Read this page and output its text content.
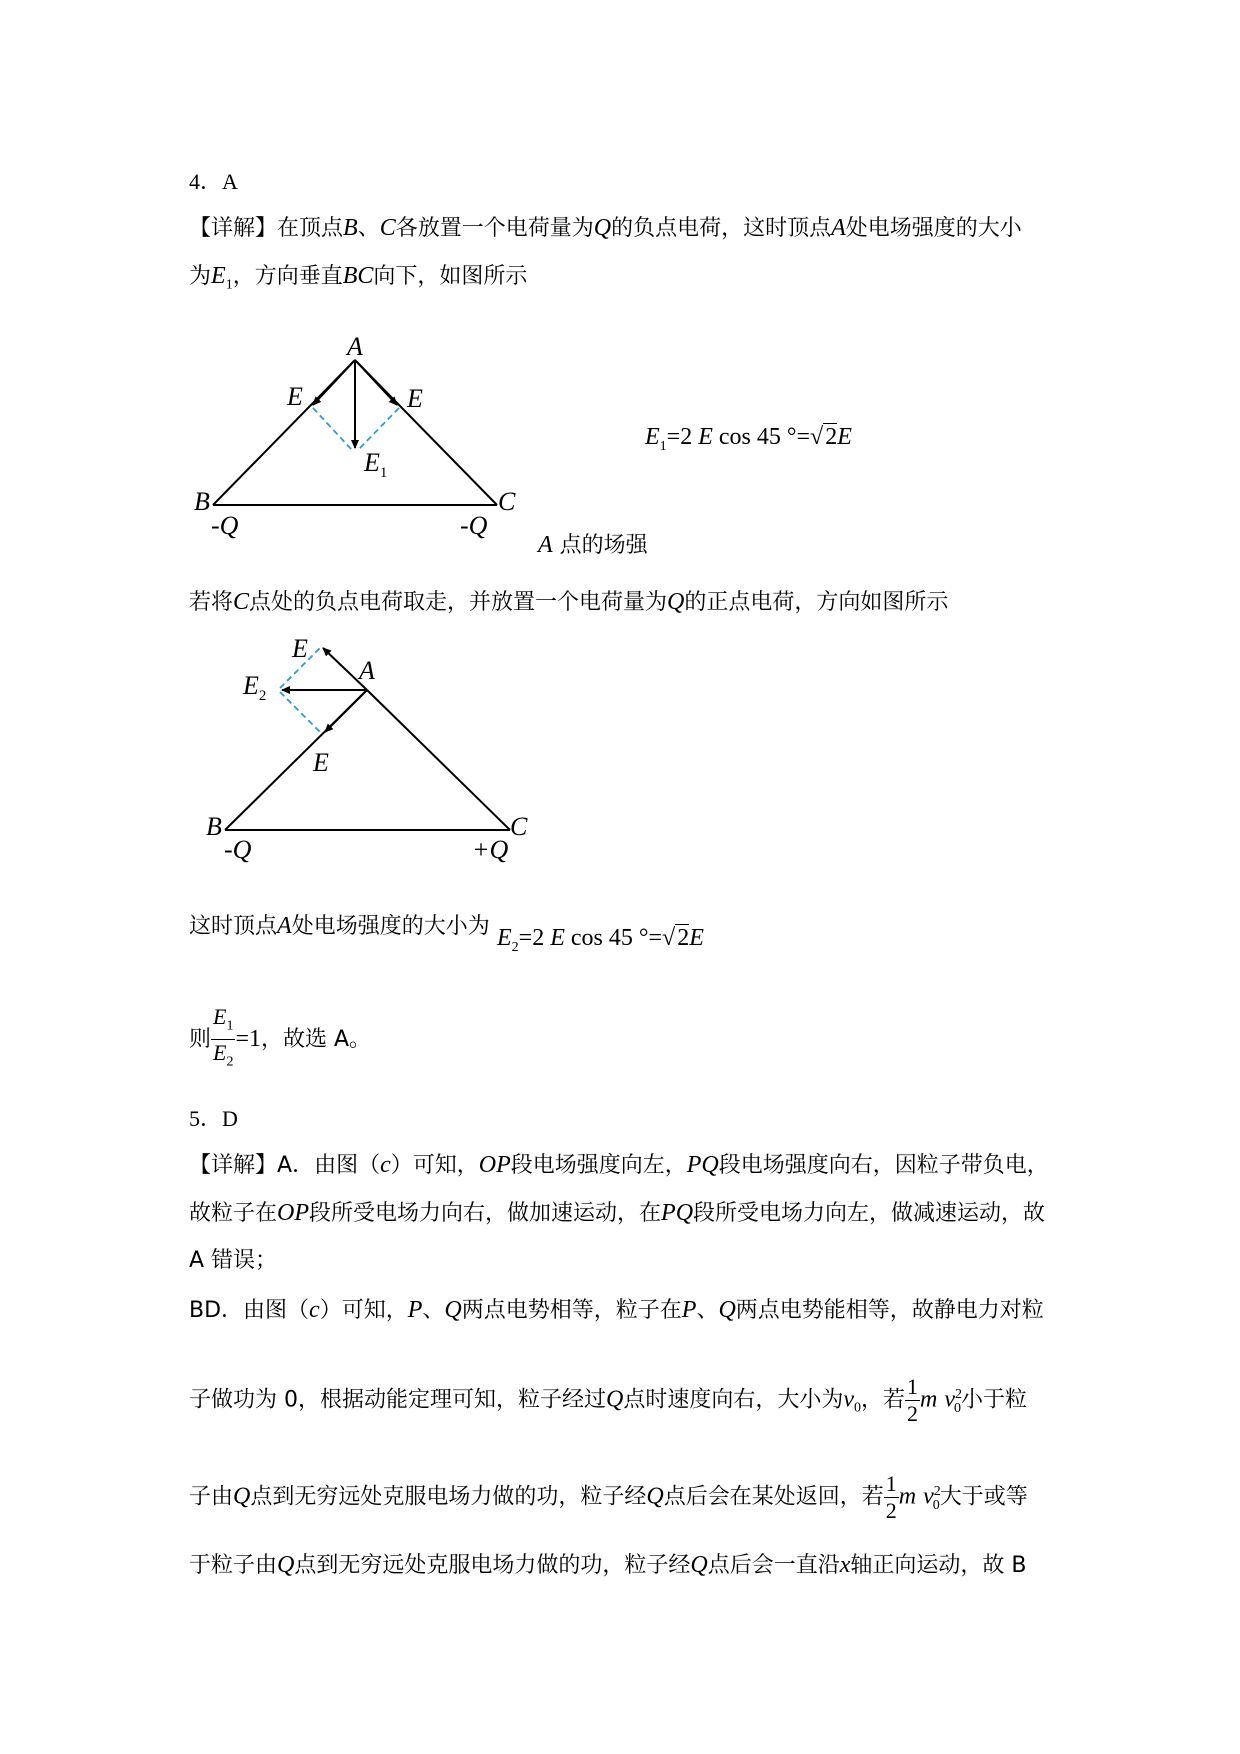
4．A
【详解】在顶点B、C各放置一个电荷量为Q的负点电荷，这时顶点A处电场强度的大小
为$E_1$，方向垂直BC向下，如图所示
A
E	E
$E_1$
B	C
-Q	-Q
$E_1=2$ E cos 45 °=√2E
A 点的场强
若将C点处的负点电荷取走，并放置一个电荷量为Q的正点电荷，方向如图所示
E
$E_2$
A
E
B	C
-Q	+Q
这时顶点A处电场强度的大小为 $E_2=2$ E cos 45 °=√2E
则 $\frac{E_1}{E_2} =1$，故选 A。
5．D
【详解】A．由图（c）可知，OP段电场强度向左，PQ段电场强度向右，因粒子带负电，
故粒子在OP段所受电场力向右，做加速运动，在PQ段所受电场力向左，做减速运动，故
A 错误；
BD．由图（c）可知，P、Q两点电势相等，粒子在P、Q两点电势能相等，故静电力对粒
子做功为 0，根据动能定理可知，粒子经过Q点时速度向右，大小为$v_0$，若 $\frac{1}{2}$ m $v^2_0$小于粒
子由Q点到无穷远处克服电场力做的功，粒子经Q点后会在某处返回，若 $\frac{1}{2}$ m $v^2_0$大于或等
于粒子由Q点到无穷远处克服电场力做的功，粒子经Q点后会一直沿x轴正向运动，故 B
